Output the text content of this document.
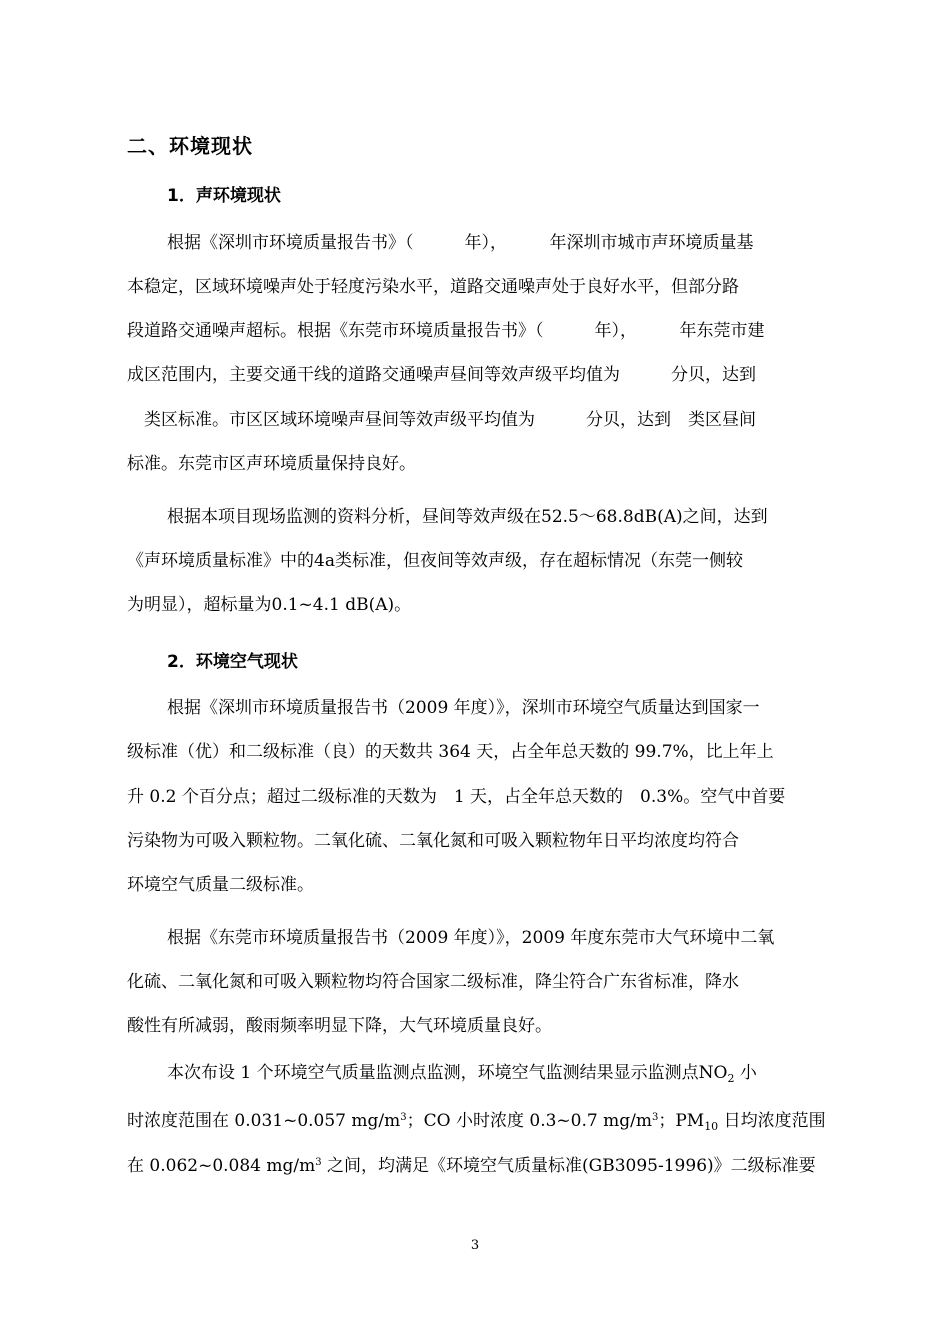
二、环境现状
1．声环境现状
根据《深圳市环境质量报告书》（　　　年），　　　年深圳市城市声环境质量基
本稳定，区域环境噪声处于轻度污染水平，道路交通噪声处于良好水平，但部分路
段道路交通噪声超标。根据《东莞市环境质量报告书》（　　　年），　　　年东莞市建
成区范围内，主要交通干线的道路交通噪声昼间等效声级平均值为　　　分贝，达到
　类区标准。市区区域环境噪声昼间等效声级平均值为　　　分贝，达到　类区昼间
标准。东莞市区声环境质量保持良好。
根据本项目现场监测的资料分析，昼间等效声级在52.5～68.8dB(A)之间，达到
《声环境质量标准》中的4a类标准，但夜间等效声级，存在超标情况（东莞一侧较
为明显），超标量为0.1~4.1 dB(A)。
2．环境空气现状
根据《深圳市环境质量报告书（2009 年度）》，深圳市环境空气质量达到国家一
级标准（优）和二级标准（良）的天数共 364 天，占全年总天数的 99.7%，比上年上
升 0.2 个百分点；超过二级标准的天数为　1 天，占全年总天数的　0.3%。空气中首要
污染物为可吸入颗粒物。二氧化硫、二氧化氮和可吸入颗粒物年日平均浓度均符合
环境空气质量二级标准。
根据《东莞市环境质量报告书（2009 年度）》，2009 年度东莞市大气环境中二氧
化硫、二氧化氮和可吸入颗粒物均符合国家二级标准，降尘符合广东省标准，降水
酸性有所减弱，酸雨频率明显下降，大气环境质量良好。
本次布设 1 个环境空气质量监测点监测，环境空气监测结果显示监测点$NO_2$ 小
时浓度范围在 0.031~0.057 $mg/m^3$；CO 小时浓度 0.3~0.7 $mg/m^3$；$PM_{10}$ 日均浓度范围
在 0.062~0.084 $mg/m^3$ 之间，均满足《环境空气质量标准(GB3095-1996)》二级标准要
3
